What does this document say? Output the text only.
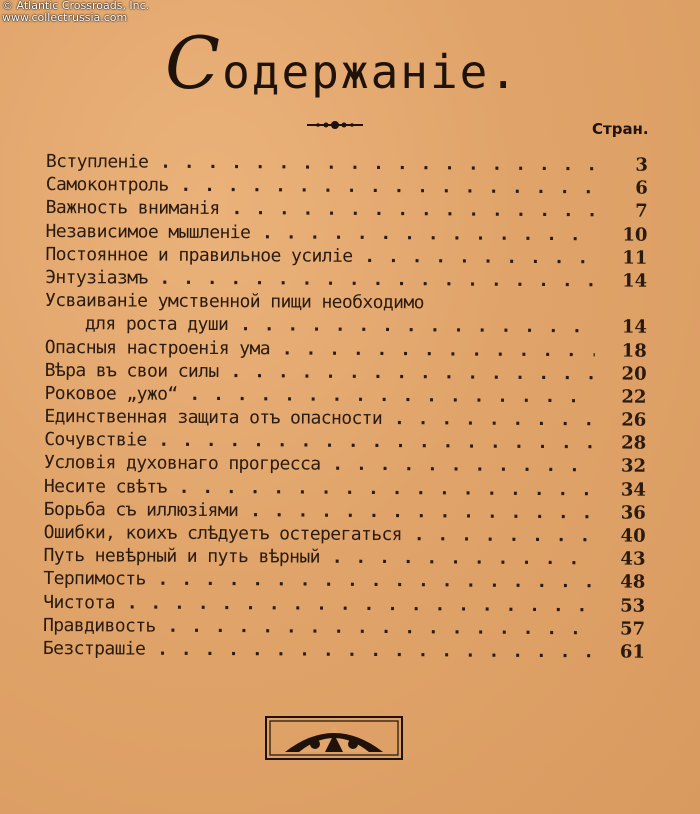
© Atlantic Crossroads, Inc.
www.collectrussia.com
Содержаніе.
Стран.
Вступленіе . .	3
Самоконтроль . .	6
Важность вниманія . .	7
Независимое мышленіе . .	10
Постоянное и правильное усиліе . .	11
Энтузіазмъ . .	14
Усваиваніе умственной пищи необходимо
для роста души . .	14
Опасныя настроенія ума . .	18
Вѣра въ свои силы . .	20
Роковое „ужо“ . .	22
Единственная защита отъ опасности . .	26
Сочувствіе . .	28
Условія духовнаго прогресса . .	32
Несите свѣтъ . .	34
Борьба съ иллюзіями . .	36
Ошибки, коихъ слѣдуетъ остерегаться . .	40
Путь невѣрный и путь вѣрный . .	43
Терпимость . .	48
Чистота . .	53
Правдивость . .	57
Безстрашіе . .	61
